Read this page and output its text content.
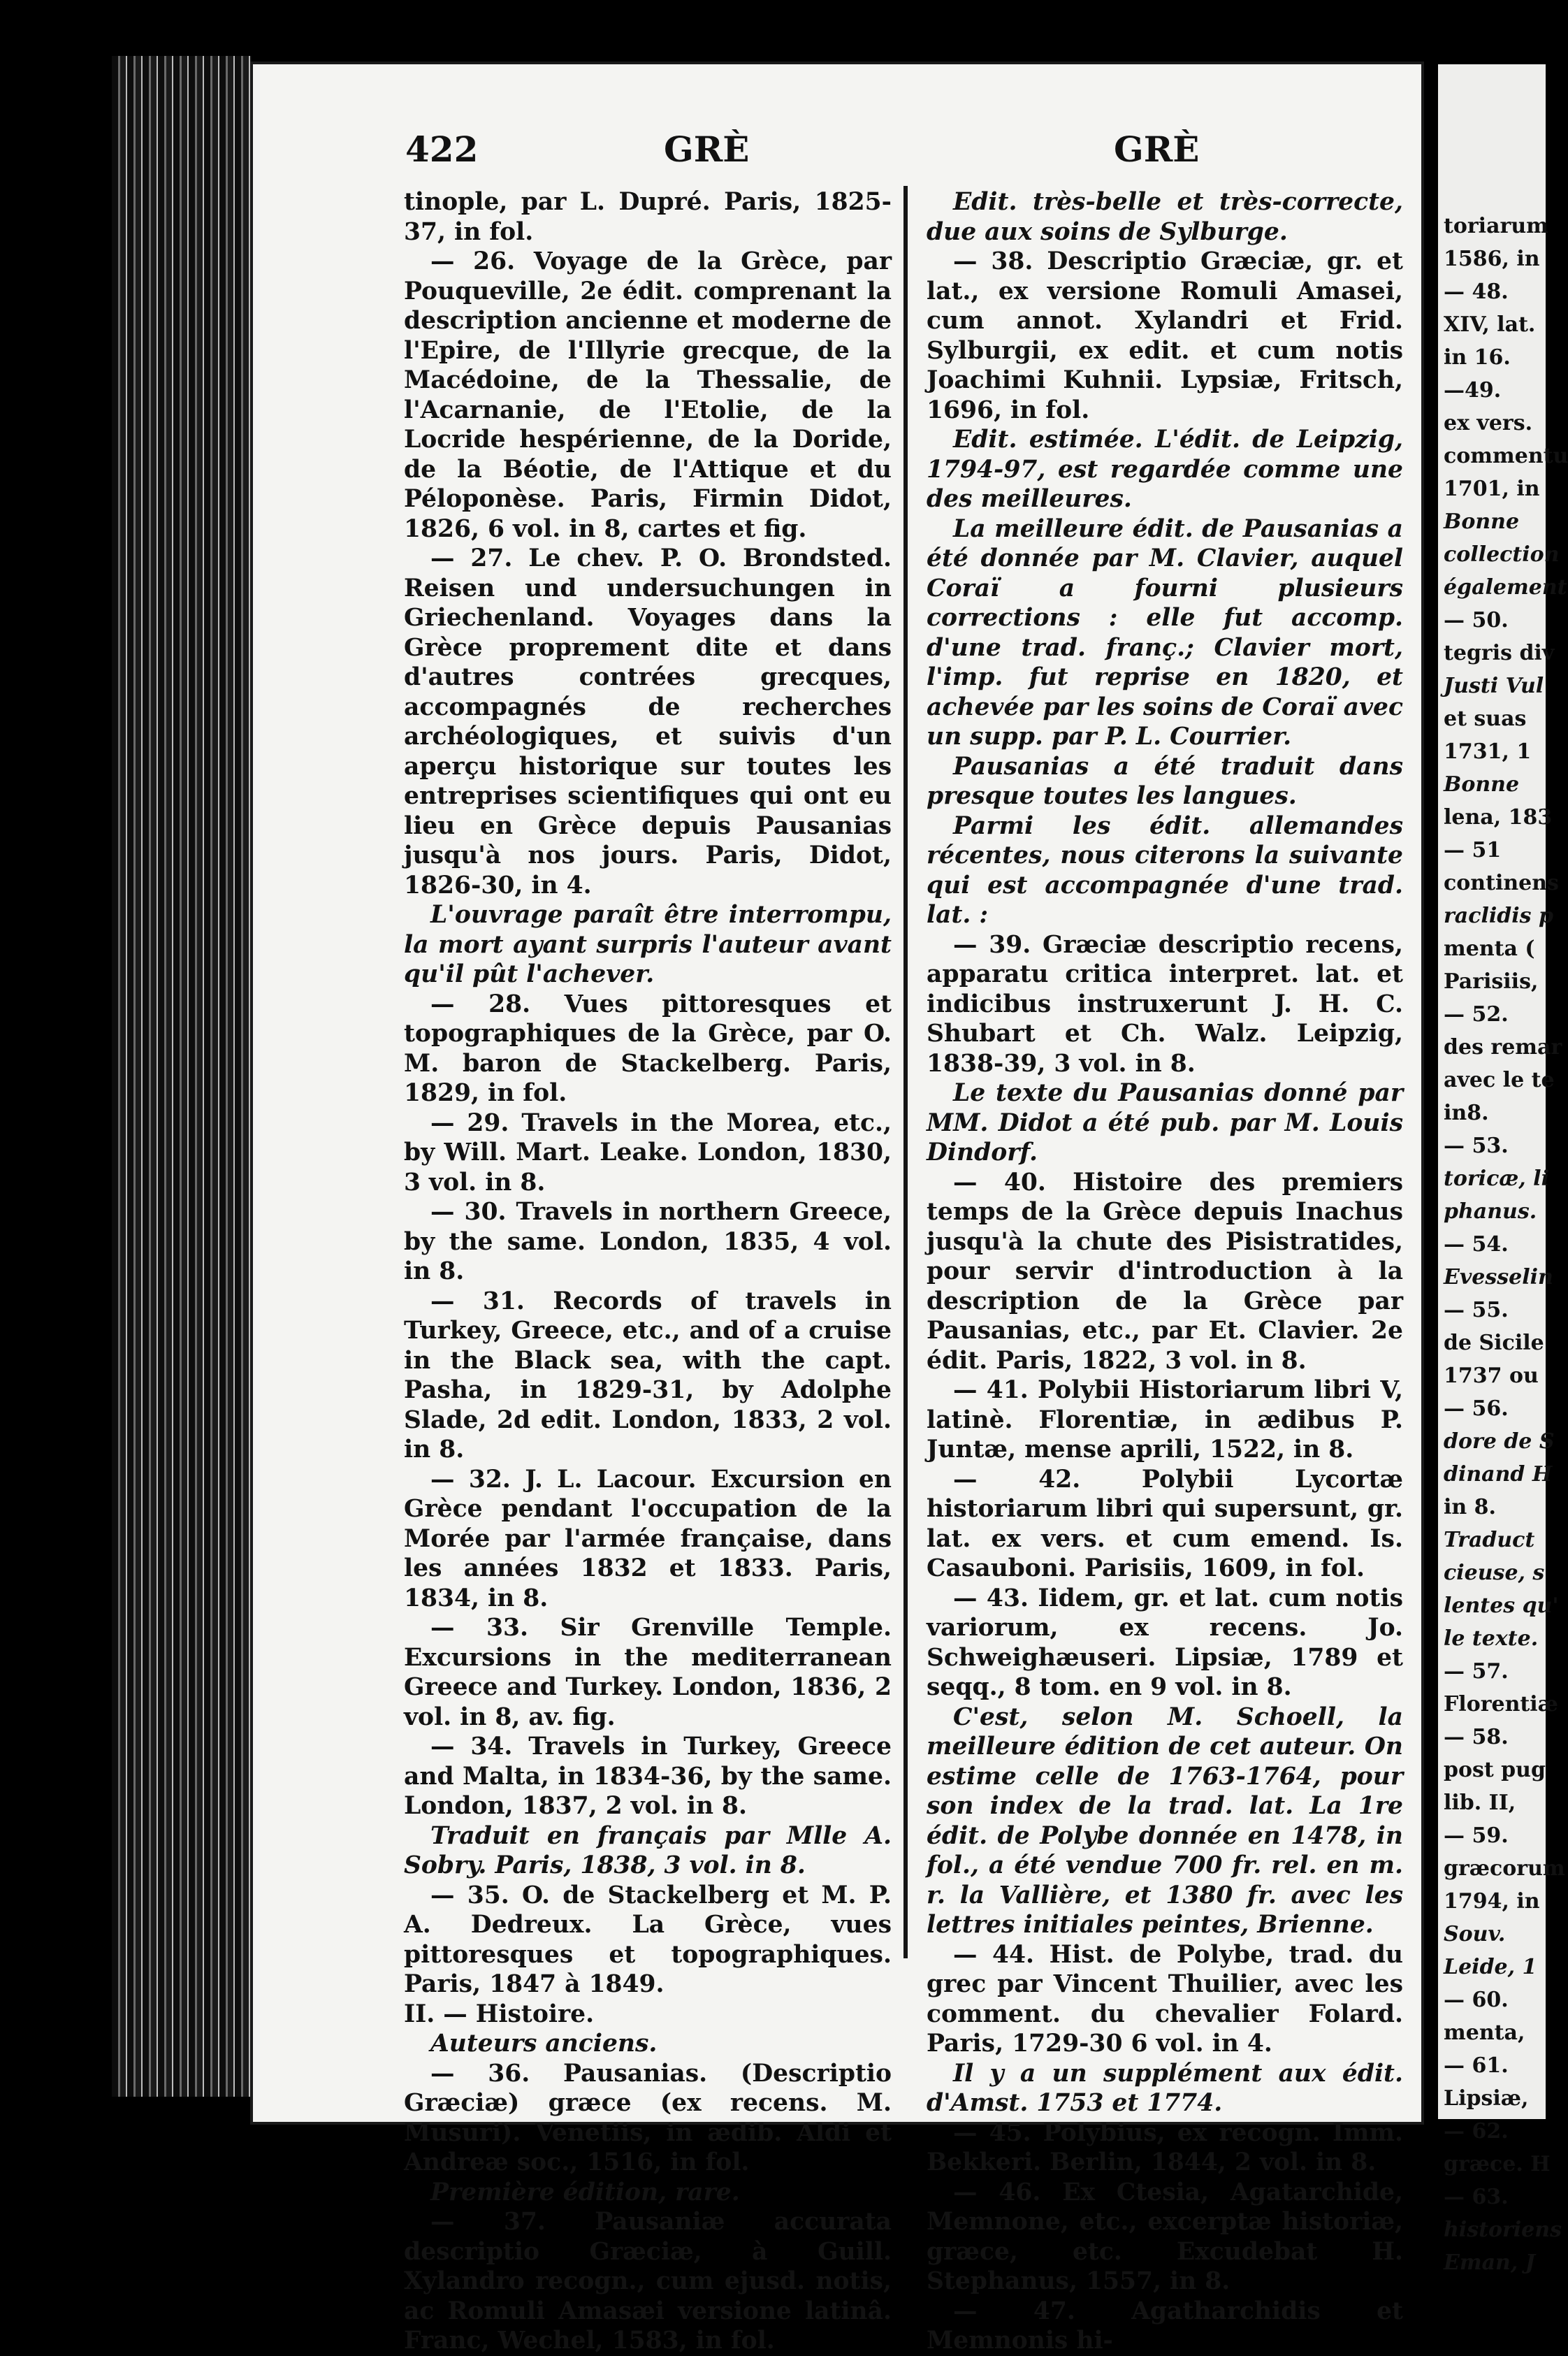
422	GRÈ	GRÈ
tinople, par L. Dupré. Paris, 1825-37, in fol.
— 26. Voyage de la Grèce, par Pouqueville, 2e édit. comprenant la description ancienne et moderne de l'Epire, de l'Illyrie grecque, de la Macédoine, de la Thessalie, de l'Acarnanie, de l'Etolie, de la Locride hespérienne, de la Doride, de la Béotie, de l'Attique et du Péloponèse. Paris, Firmin Didot, 1826, 6 vol. in 8, cartes et fig.
— 27. Le chev. P. O. Brondsted. Reisen und undersuchungen in Griechenland. Voyages dans la Grèce proprement dite et dans d'autres contrées grecques, accompagnés de recherches archéologiques, et suivis d'un aperçu historique sur toutes les entreprises scientifiques qui ont eu lieu en Grèce depuis Pausanias jusqu'à nos jours. Paris, Didot, 1826-30, in 4.
L'ouvrage paraît être interrompu, la mort ayant surpris l'auteur avant qu'il pût l'achever.
— 28. Vues pittoresques et topographiques de la Grèce, par O. M. baron de Stackelberg. Paris, 1829, in fol.
— 29. Travels in the Morea, etc., by Will. Mart. Leake. London, 1830, 3 vol. in 8.
— 30. Travels in northern Greece, by the same. London, 1835, 4 vol. in 8.
— 31. Records of travels in Turkey, Greece, etc., and of a cruise in the Black sea, with the capt. Pasha, in 1829-31, by Adolphe Slade, 2d edit. London, 1833, 2 vol. in 8.
— 32. J. L. Lacour. Excursion en Grèce pendant l'occupation de la Morée par l'armée française, dans les années 1832 et 1833. Paris, 1834, in 8.
— 33. Sir Grenville Temple. Excursions in the mediterranean Greece and Turkey. London, 1836, 2 vol. in 8, av. fig.
— 34. Travels in Turkey, Greece and Malta, in 1834-36, by the same. London, 1837, 2 vol. in 8.
Traduit en français par Mlle A. Sobry. Paris, 1838, 3 vol. in 8.
— 35. O. de Stackelberg et M. P. A. Dedreux. La Grèce, vues pittoresques et topographiques. Paris, 1847 à 1849.
II. — Histoire.
Auteurs anciens.
— 36. Pausanias. (Descriptio Græciæ) græce (ex recens. M. Musuri). Venetiis, in ædib. Aldi et Andreæ soc., 1516, in fol.
Première édition, rare.
— 37. Pausaniæ accurata descriptio Græciæ, à Guill. Xylandro recogn., cum ejusd. notis, ac Romuli Amasæi versione latinâ. Franc, Wechel, 1583, in fol.
Edit. très-belle et très-correcte, due aux soins de Sylburge.
— 38. Descriptio Græciæ, gr. et lat., ex versione Romuli Amasei, cum annot. Xylandri et Frid. Sylburgii, ex edit. et cum notis Joachimi Kuhnii. Lypsiæ, Fritsch, 1696, in fol.
Edit. estimée. L'édit. de Leipzig, 1794-97, est regardée comme une des meilleures.
La meilleure édit. de Pausanias a été donnée par M. Clavier, auquel Coraï a fourni plusieurs corrections : elle fut accomp. d'une trad. franç.; Clavier mort, l'imp. fut reprise en 1820, et achevée par les soins de Coraï avec un supp. par P. L. Courrier.
Pausanias a été traduit dans presque toutes les langues.
Parmi les édit. allemandes récentes, nous citerons la suivante qui est accompagnée d'une trad. lat. :
— 39. Græciæ descriptio recens, apparatu critica interpret. lat. et indicibus instruxerunt J. H. C. Shubart et Ch. Walz. Leipzig, 1838-39, 3 vol. in 8.
Le texte du Pausanias donné par MM. Didot a été pub. par M. Louis Dindorf.
— 40. Histoire des premiers temps de la Grèce depuis Inachus jusqu'à la chute des Pisistratides, pour servir d'introduction à la description de la Grèce par Pausanias, etc., par Et. Clavier. 2e édit. Paris, 1822, 3 vol. in 8.
— 41. Polybii Historiarum libri V, latinè. Florentiæ, in ædibus P. Juntæ, mense aprili, 1522, in 8.
— 42. Polybii Lycortæ historiarum libri qui supersunt, gr. lat. ex vers. et cum emend. Is. Casauboni. Parisiis, 1609, in fol.
— 43. Iidem, gr. et lat. cum notis variorum, ex recens. Jo. Schweighæuseri. Lipsiæ, 1789 et seqq., 8 tom. en 9 vol. in 8.
C'est, selon M. Schoell, la meilleure édition de cet auteur. On estime celle de 1763-1764, pour son index de la trad. lat. La 1re édit. de Polybe donnée en 1478, in fol., a été vendue 700 fr. rel. en m. r. la Vallière, et 1380 fr. avec les lettres initiales peintes, Brienne.
— 44. Hist. de Polybe, trad. du grec par Vincent Thuilier, avec les comment. du chevalier Folard. Paris, 1729-30 6 vol. in 4.
Il y a un supplément aux édit. d'Amst. 1753 et 1774.
— 45. Polybius, ex recogn. Imm. Bekkeri. Berlin, 1844, 2 vol. in 8.
— 46. Ex Ctesia, Agatarchide, Memnone, etc., excerptæ historiæ, græce, etc. Excudebat H. Stephanus, 1557, in 8.
— 47. Agatharchidis et Memnonis hi-
toriarum
1586, in
— 48.
XIV, lat.
in 16.
—49.
ex vers.
commentu
1701, in
Bonne
collection
également
— 50.
tegris div
Justi Vul
et suas
1731, 1
Bonne
lena, 183
— 51
continens
raclidis p
menta (
Parisiis,
— 52.
des remar
avec le te
in8.
— 53.
toricæ, li
phanus.
— 54.
Evesselin
— 55.
de Sicile
1737 ou
— 56.
dore de S
dinand H
in 8.
Traduct
cieuse, s
lentes qu'
le texte.
— 57.
Florentiæ
— 58.
post pug
lib. II,
— 59.
græcorum
1794, in
Souv.
Leide, 1
— 60.
menta,
— 61.
Lipsiæ,
— 62.
græce. H
— 63.
historiens
Eman, J
